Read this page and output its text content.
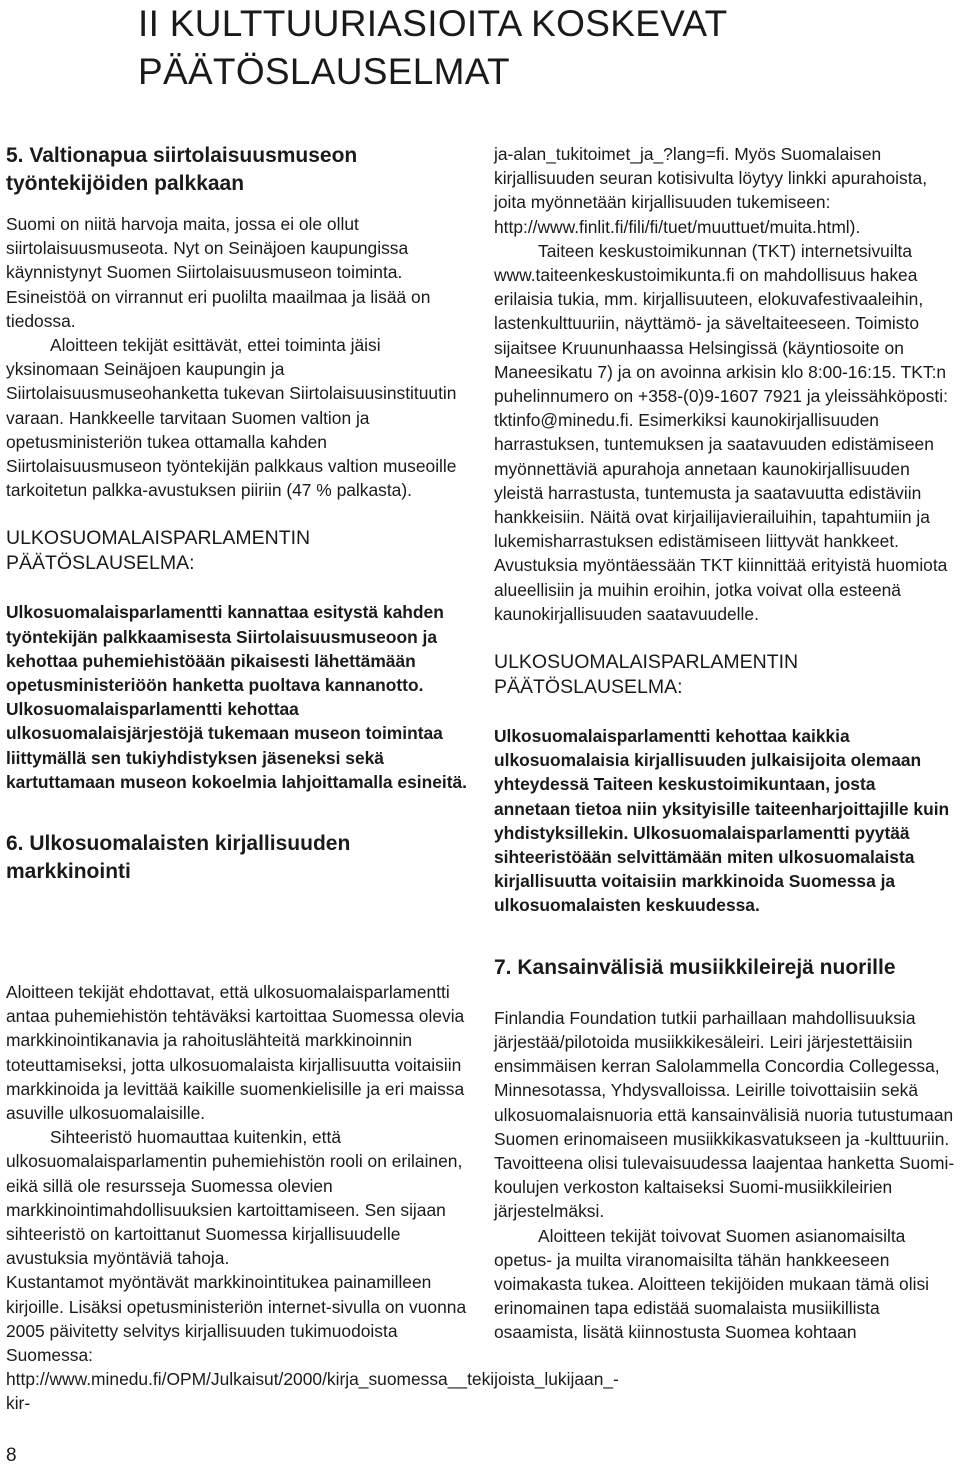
II KULTTUURIASIOITA KOSKEVAT PÄÄTÖSLAUSELMAT
5. Valtionapua siirtolaisuusmuseon työntekijöiden palkkaan

Suomi on niitä harvoja maita, jossa ei ole ollut siirtolaisuusmuseota. Nyt on Seinäjoen kaupungissa käynnistynyt Suomen Siirtolaisuusmuseon toiminta. Esineistöä on virrannut eri puolilta maailmaa ja lisää on tiedossa.

Aloitteen tekijät esittävät, ettei toiminta jäisi yksinomaan Seinäjoen kaupungin ja Siirtolaisuusmuseohanketta tukevan Siirtolaisuusinstituutin varaan. Hankkeelle tarvitaan Suomen valtion ja opetusministeriön tukea ottamalla kahden Siirtolaisuusmuseon työntekijän palkkaus valtion museoille tarkoitetun palkka-avustuksen piiriin (47 % palkasta).

ULKOSUOMALAISPARLAMENTIN PÄÄTÖSLAUSELMA:

Ulkosuomalaisparlamentti kannattaa esitystä kahden työntekijän palkkaamisesta Siirtolaisuusmuseoon ja kehottaa puhemiehistöään pikaisesti lähettämään opetusministeriöön hanketta puoltava kannanotto. Ulkosuomalaisparlamentti kehottaa ulkosuomalaisjärjestöjä tukemaan museon toimintaa liittymällä sen tukiyhdistyksen jäseneksi sekä kartuttamaan museon kokoelmia lahjoittamalla esineitä.

6. Ulkosuomalaisten kirjallisuuden markkinointi

Aloitteen tekijät ehdottavat, että ulkosuomalaisparlamentti antaa puhemiehistön tehtäväksi kartoittaa Suomessa olevia markkinointikanavia ja rahoituslähteitä markkinoinnin toteuttamiseksi, jotta ulkosuomalaista kirjallisuutta voitaisiin markkinoida ja levittää kaikille suomenkielisille ja eri maissa asuville ulkosuomalaisille.

Sihteeristö huomauttaa kuitenkin, että ulkosuomalaisparlamentin puhemiehistön rooli on erilainen, eikä sillä ole resursseja Suomessa olevien markkinointimahdollisuuksien kartoittamiseen. Sen sijaan sihteeristö on kartoittanut Suomessa kirjallisuudelle avustuksia myöntäviä tahoja.

Kustantamot myöntävät markkinointitukea painamilleen kirjoille. Lisäksi opetusministeriön internet-sivulla on vuonna 2005 päivitetty selvitys kirjallisuuden tukimuodoista Suomessa: http://www.minedu.fi/OPM/Julkaisut/2000/kirja_suomessa__tekijoista_lukijaan_-kir-

ja-alan_tukitoimet_ja_?lang=fi. Myös Suomalaisen kirjallisuuden seuran kotisivulta löytyy linkki apurahoista, joita myönnetään kirjallisuuden tukemiseen: http://www.finlit.fi/fili/fi/tuet/muuttuet/muita.html).

Taiteen keskustoimikunnan (TKT) internetsivuilta www.taiteenkeskustoimikunta.fi on mahdollisuus hakea erilaisia tukia, mm. kirjallisuuteen, elokuvafestivaaleihin, lastenkulttuuriin, näyttämö- ja säveltaiteeseen. Toimisto sijaitsee Kruununhaassa Helsingissä (käyntiosoite on Maneesikatu 7) ja on avoinna arkisin klo 8:00-16:15. TKT:n puhelinnumero on +358-(0)9-1607 7921 ja yleissähköposti: tktinfo@minedu.fi. Esimerkiksi kaunokirjallisuuden harrastuksen, tuntemuksen ja saatavuuden edistämiseen myönnettäviä apurahoja annetaan kaunokirjallisuuden yleistä harrastusta, tuntemusta ja saatavuutta edistäviin hankkeisiin. Näitä ovat kirjailijavierailuihin, tapahtumiin ja lukemisharrastuksen edistämiseen liittyvät hankkeet. Avustuksia myöntäessään TKT kiinnittää erityistä huomiota alueellisiin ja muihin eroihin, jotka voivat olla esteenä kaunokirjallisuuden saatavuudelle.

ULKOSUOMALAISPARLAMENTIN PÄÄTÖSLAUSELMA:

Ulkosuomalaisparlamentti kehottaa kaikkia ulkosuomalaisia kirjallisuuden julkaisijoita olemaan yhteydessä Taiteen keskustoimikuntaan, josta annetaan tietoa niin yksityisille taiteenharjoittajille kuin yhdistyksillekin. Ulkosuomalaisparlamentti pyytää sihteeristöään selvittämään miten ulkosuomalaista kirjallisuutta voitaisiin markkinoida Suomessa ja ulkosuomalaisten keskuudessa.

7. Kansainvälisiä musiikkileirejä nuorille

Finlandia Foundation tutkii parhaillaan mahdollisuuksia järjestää/pilotoida musiikkikesäleiri. Leiri järjestettäisiin ensimmäisen kerran Salolammella Concordia Collegessa, Minnesotassa, Yhdysvalloissa. Leirille toivottaisiin sekä ulkosuomalaisnuoria että kansainvälisiä nuoria tutustumaan Suomen erinomaiseen musiikkikasvatukseen ja -kulttuuriin. Tavoitteena olisi tulevaisuudessa laajentaa hanketta Suomi-koulujen verkoston kaltaiseksi Suomi-musiikkileirien järjestelmäksi.

Aloitteen tekijät toivovat Suomen asianomaisilta opetus- ja muilta viranomaisilta tähän hankkeeseen voimakasta tukea. Aloitteen tekijöiden mukaan tämä olisi erinomainen tapa edistää suomalaista musiikillista osaamista, lisätä kiinnostusta Suomea kohtaan

8
